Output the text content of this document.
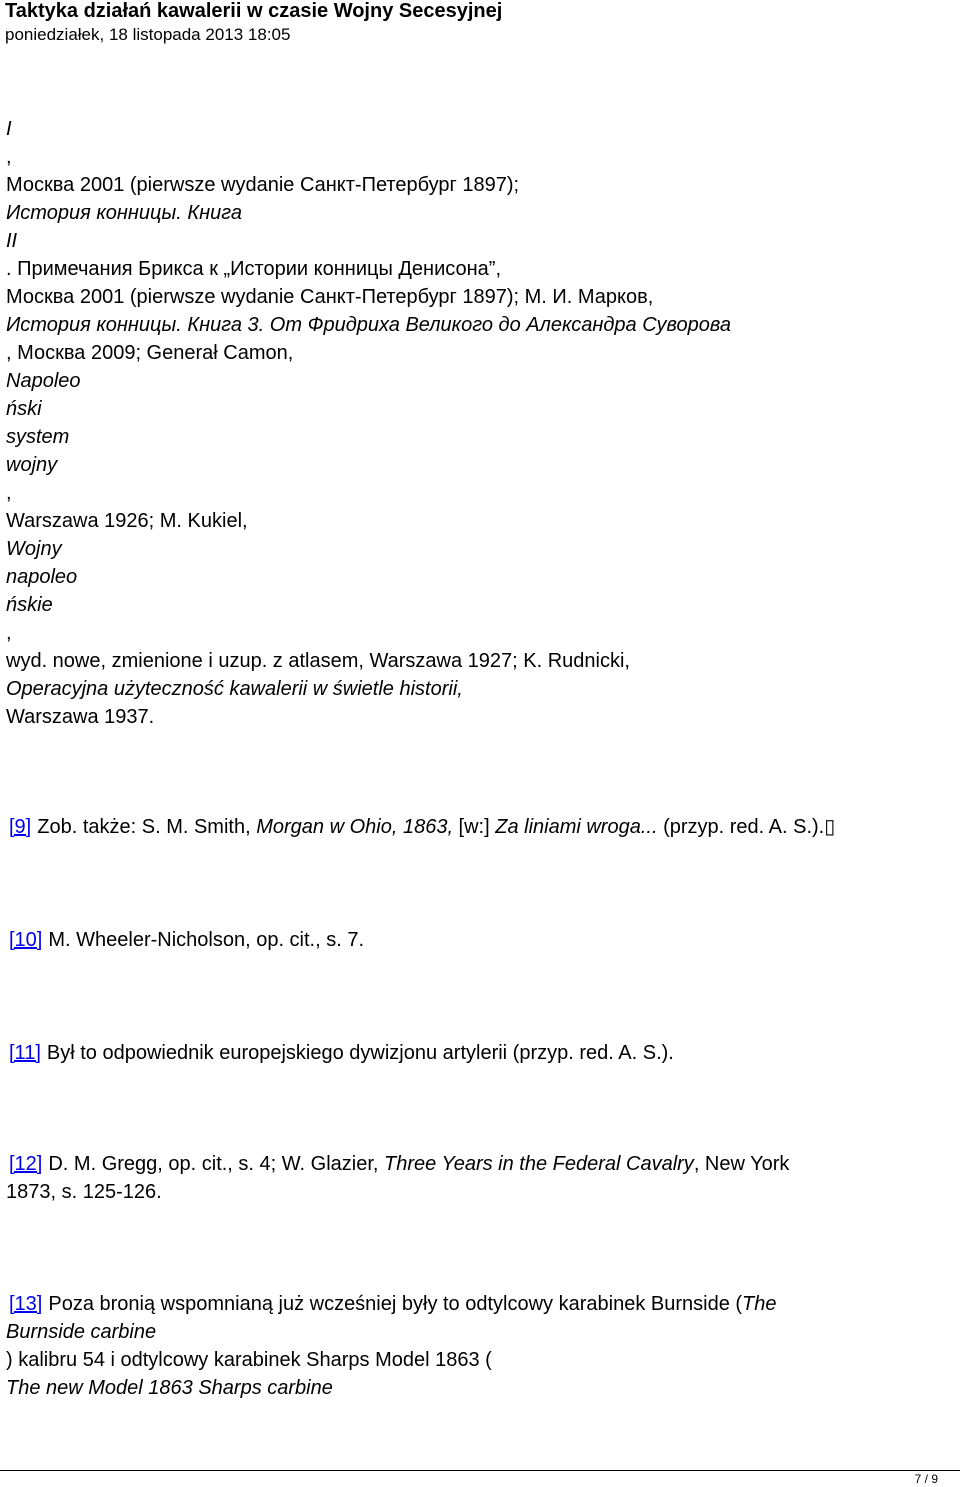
Taktyka działań kawalerii w czasie Wojny Secesyjnej
poniedziałek, 18 listopada 2013 18:05
I
,
Москва 2001 (pierwsze wydanie Санкт-Петербург 1897);
История конницы. Книга
II
. Примечания Брикса к „Истории конницы Денисона”,
Москва 2001 (pierwsze wydanie Санкт-Петербург 1897); М. И. Марков,
История конницы. Книга 3. От Фридриха Великого до Александра Суворова
, Москва 2009; Generał Camon,
Napoleo
ński
system
wojny
,
Warszawa 1926; M. Kukiel,
Wojny
napoleo
ńskie
,
wyd. nowe, zmienione i uzup. z atlasem, Warszawa 1927; K. Rudnicki,
Operacyjna użyteczność kawalerii w świetle historii,
Warszawa 1937.
[9] Zob. także: S. M. Smith, Morgan w Ohio, 1863, [w:] Za liniami wroga... (przyp. red. A. S.).▯
[10] M. Wheeler-Nicholson, op. cit., s. 7.
[11] Był to odpowiednik europejskiego dywizjonu artylerii (przyp. red. A. S.).
[12] D. M. Gregg, op. cit., s. 4; W. Glazier, Three Years in the Federal Cavalry, New York
1873, s. 125-126.
[13] Poza bronią wspomnianą już wcześniej były to odtylcowy karabinek Burnside (The
Burnside carbine
) kalibru 54 i odtylcowy karabinek Sharps Model 1863 (
The new Model 1863 Sharps carbine
7 / 9
